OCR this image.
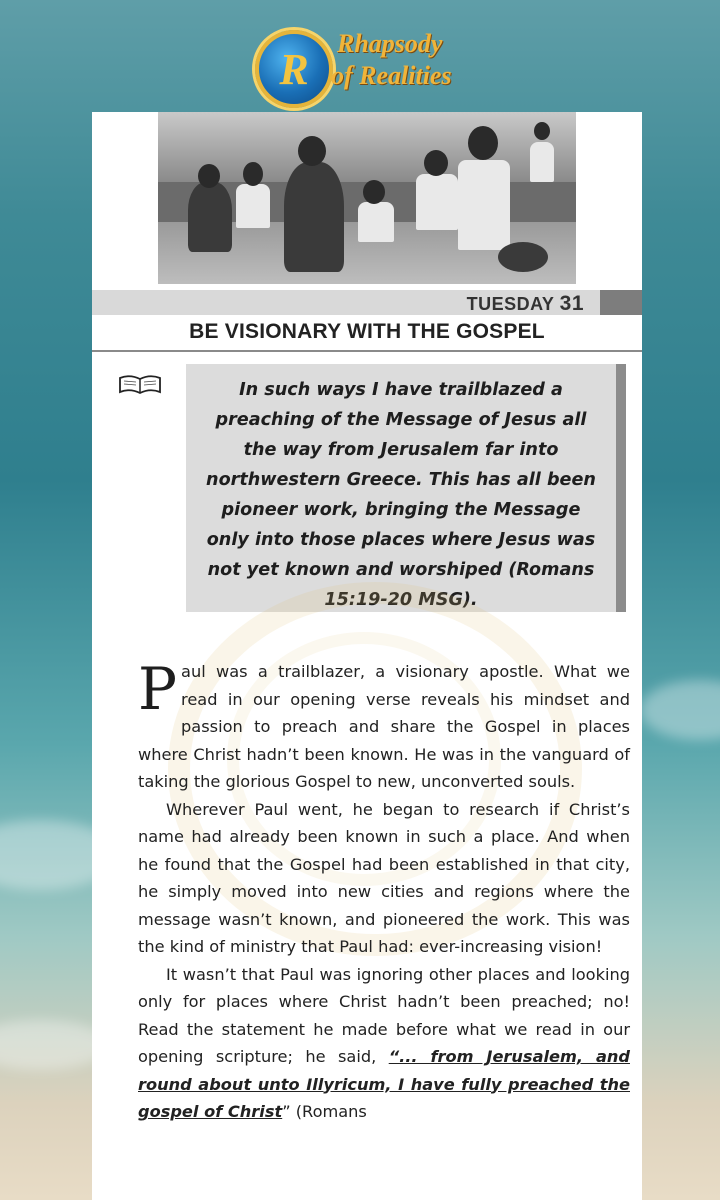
R
Rhapsody
of Realities
TUESDAY 31
BE VISIONARY WITH THE GOSPEL

In such ways I have trailblazed a preaching of the Message of Jesus all the way from Jerusalem far into northwestern Greece. This has all been pioneer work, bringing the Message only into those places where Jesus was not yet known and worshiped (Romans 15:19-20 MSG).

Paul was a trailblazer, a visionary apostle. What we read in our opening verse reveals his mindset and passion to preach and share the Gospel in places where Christ hadn’t been known. He was in the vanguard of taking the glorious Gospel to new, unconverted souls.

Wherever Paul went, he began to research if Christ’s name had already been known in such a place. And when he found that the Gospel had been established in that city, he simply moved into new cities and regions where the message wasn’t known, and pioneered the work. This was the kind of ministry that Paul had: ever-increasing vision!

It wasn’t that Paul was ignoring other places and looking only for places where Christ hadn’t been preached; no! Read the statement he made before what we read in our opening scripture; he said, “... from Jerusalem, and round about unto Illyricum, I have fully preached the gospel of Christ” (Romans
